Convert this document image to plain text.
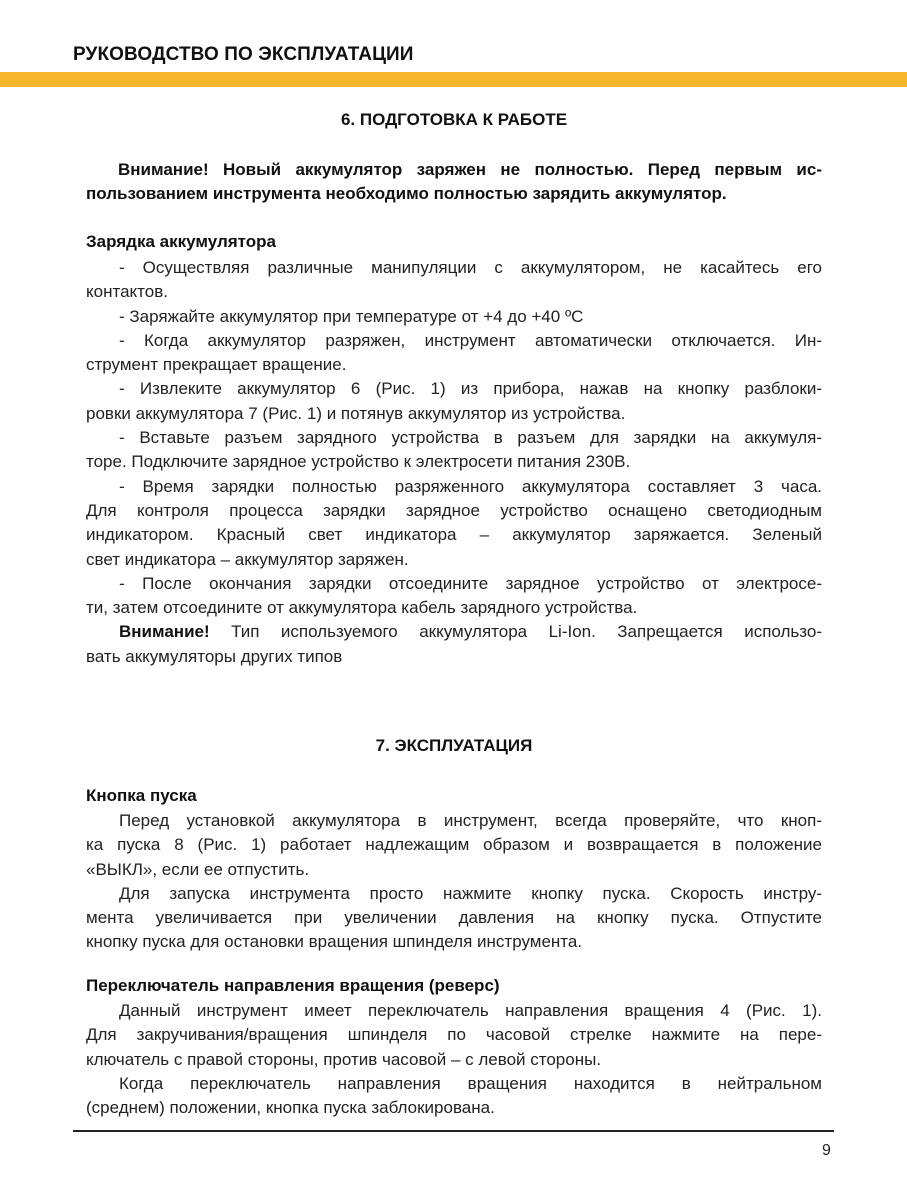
РУКОВОДСТВО ПО ЭКСПЛУАТАЦИИ
6. ПОДГОТОВКА К РАБОТЕ
Внимание! Новый аккумулятор заряжен не полностью. Перед первым ис-
пользованием инструмента необходимо полностью зарядить аккумулятор.
Зарядка аккумулятора
- Осуществляя различные манипуляции с аккумулятором, не касайтесь его
контактов.
- Заряжайте аккумулятор при температуре от +4 до +40 ºС
- Когда аккумулятор разряжен, инструмент автоматически отключается. Ин-
струмент прекращает вращение.
- Извлеките аккумулятор 6 (Рис. 1) из прибора, нажав на кнопку разблоки-
ровки аккумулятора 7 (Рис. 1) и потянув аккумулятор из устройства.
- Вставьте разъем зарядного устройства в разъем для зарядки на аккумуля-
торе. Подключите зарядное устройство к электросети питания 230В.
- Время зарядки полностью разряженного аккумулятора составляет 3 часа.
Для контроля процесса зарядки зарядное устройство оснащено светодиодным
индикатором. Красный свет индикатора – аккумулятор заряжается. Зеленый
свет индикатора – аккумулятор заряжен.
- После окончания зарядки отсоедините зарядное устройство от электросе-
ти, затем отсоедините от аккумулятора кабель зарядного устройства.
Внимание! Тип используемого аккумулятора Li-Ion. Запрещается использо-
вать аккумуляторы других типов
7. ЭКСПЛУАТАЦИЯ
Кнопка пуска
Перед установкой аккумулятора в инструмент, всегда проверяйте, что кноп-
ка пуска 8 (Рис. 1) работает надлежащим образом и возвращается в положение
«ВЫКЛ», если ее отпустить.
Для запуска инструмента просто нажмите кнопку пуска. Скорость инстру-
мента увеличивается при увеличении давления на кнопку пуска. Отпустите
кнопку пуска для остановки вращения шпинделя инструмента.
Переключатель направления вращения (реверс)
Данный инструмент имеет переключатель направления вращения 4 (Рис. 1).
Для закручивания/вращения шпинделя по часовой стрелке нажмите на пере-
ключатель с правой стороны, против часовой – с левой стороны.
Когда переключатель направления вращения находится в нейтральном
(среднем) положении, кнопка пуска заблокирована.
9
